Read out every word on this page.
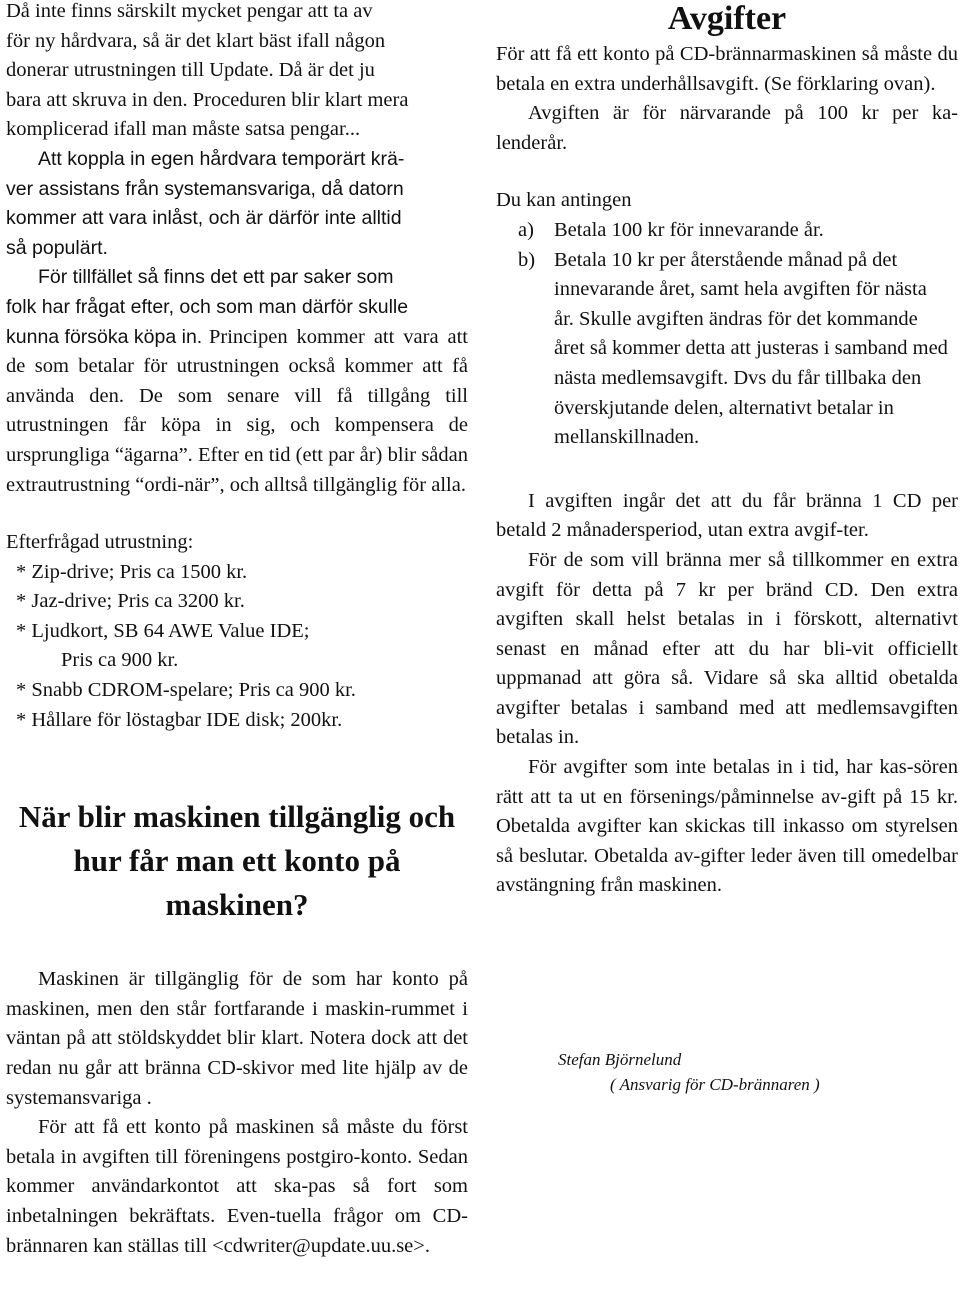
Då inte finns särskilt mycket pengar att ta av

för ny hårdvara, så är det klart bäst ifall någon

donerar utrustningen till Update. Då är det ju

bara att skruva in den. Proceduren blir klart mera

komplicerad ifall man måste satsa pengar...

Att koppla in egen hårdvara temporärt krä-

ver assistans från systemansvariga, då datorn

kommer att vara inlåst, och är därför inte alltid

så populärt.

För tillfället så finns det ett par saker som

folk har frågat efter, och som man därför skulle

kunna försöka köpa in. Principen kommer att vara att de som betalar för utrustningen också kommer att få använda den. De som senare vill få tillgång till utrustningen får köpa in sig, och kompensera de ursprungliga “ägarna”. Efter en tid (ett par år) blir sådan extrautrustning “ordi-när”, och alltså tillgänglig för alla.

Efterfrågad utrustning:

* Zip-drive; Pris ca 1500 kr.

* Jaz-drive; Pris ca 3200 kr.

* Ljudkort, SB 64 AWE Value IDE;
Pris ca 900 kr.

* Snabb CDROM-spelare; Pris ca 900 kr.

* Hållare för löstagbar IDE disk; 200kr.

När blir maskinen tillgänglig och hur får man ett konto på maskinen?

Maskinen är tillgänglig för de som har konto på maskinen, men den står fortfarande i maskin-rummet i väntan på att stöldskyddet blir klart. Notera dock att det redan nu går att bränna CD-skivor med lite hjälp av de systemansvariga .

För att få ett konto på maskinen så måste du först betala in avgiften till föreningens postgiro-konto. Sedan kommer användarkontot att ska-pas så fort som inbetalningen bekräftats. Even-tuella frågor om CD-brännaren kan ställas till <cdwriter@update.uu.se>.

Avgifter

För att få ett konto på CD-brännarmaskinen så måste du betala en extra underhållsavgift. (Se förklaring ovan).

Avgiften är för närvarande på 100 kr per ka-lenderår.

Du kan antingen

a) Betala 100 kr för innevarande år.
b) Betala 10 kr per återstående månad på det innevarande året, samt hela avgiften för nästa år. Skulle avgiften ändras för det kommande året så kommer detta att justeras i samband med nästa medlemsavgift. Dvs du får tillbaka den överskjutande delen, alternativt betalar in mellanskillnaden.

I avgiften ingår det att du får bränna 1 CD per betald 2 månadersperiod, utan extra avgif-ter.

För de som vill bränna mer så tillkommer en extra avgift för detta på 7 kr per bränd CD. Den extra avgiften skall helst betalas in i förskott, alternativt senast en månad efter att du har bli-vit officiellt uppmanad att göra så. Vidare så ska alltid obetalda avgifter betalas i samband med att medlemsavgiften betalas in.

För avgifter som inte betalas in i tid, har kas-sören rätt att ta ut en försenings/påminnelse av-gift på 15 kr. Obetalda avgifter kan skickas till inkasso om styrelsen så beslutar. Obetalda av-gifter leder även till omedelbar avstängning från maskinen.

Stefan Björnelund

( Ansvarig för CD-brännaren )
